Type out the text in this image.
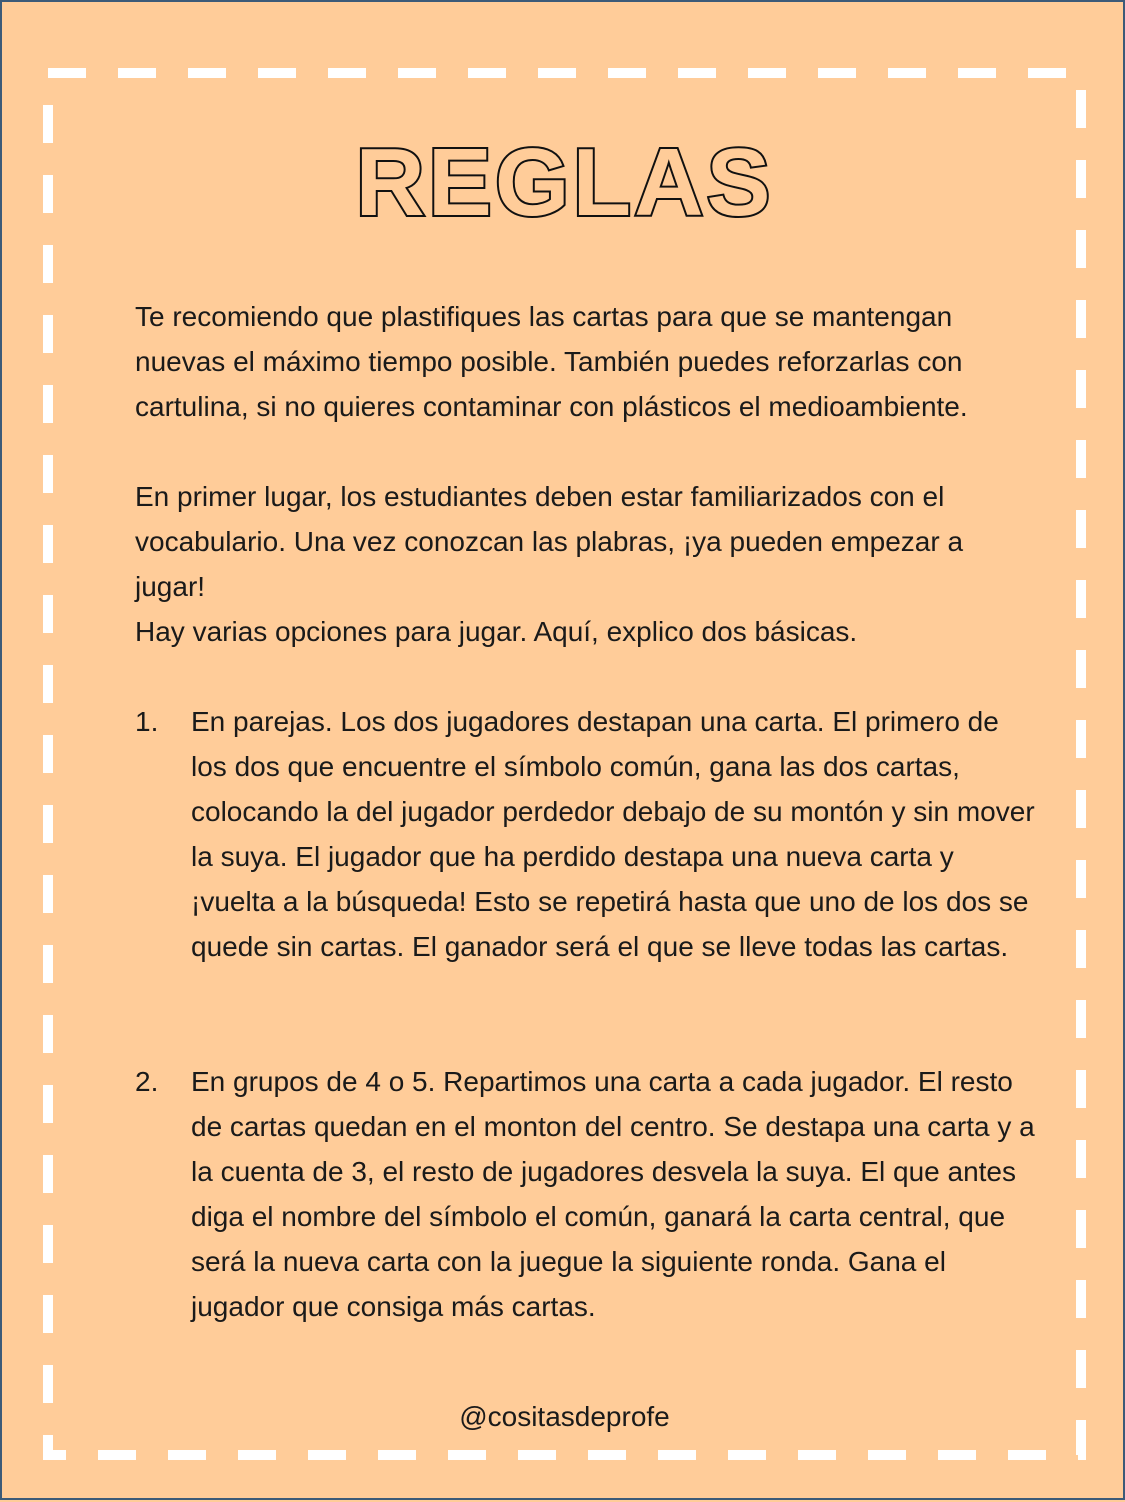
REGLAS

Te recomiendo que plastifiques las cartas para que se mantengan nuevas el máximo tiempo posible. También puedes reforzarlas con cartulina, si no quieres contaminar con plásticos el medioambiente.

En primer lugar, los estudiantes deben estar familiarizados con el vocabulario. Una vez conozcan las plabras, ¡ya pueden empezar a jugar!

Hay varias opciones para jugar. Aquí, explico dos básicas.

1.	En parejas. Los dos jugadores destapan una carta. El primero de los dos que encuentre el símbolo común, gana las dos cartas, colocando la del jugador perdedor debajo de su montón y sin mover la suya. El jugador que ha perdido destapa una nueva carta y ¡vuelta a la búsqueda! Esto se repetirá hasta que uno de los dos se quede sin cartas. El ganador será el que se lleve todas las cartas.
2.	En grupos de 4 o 5. Repartimos una carta a cada jugador. El resto de cartas quedan en el monton del centro. Se destapa una carta y a la cuenta de 3, el resto de jugadores desvela la suya. El que antes diga el nombre del símbolo el común, ganará la carta central, que será la nueva carta con la juegue la siguiente ronda. Gana el jugador que consiga más cartas.
@cositasdeprofe
